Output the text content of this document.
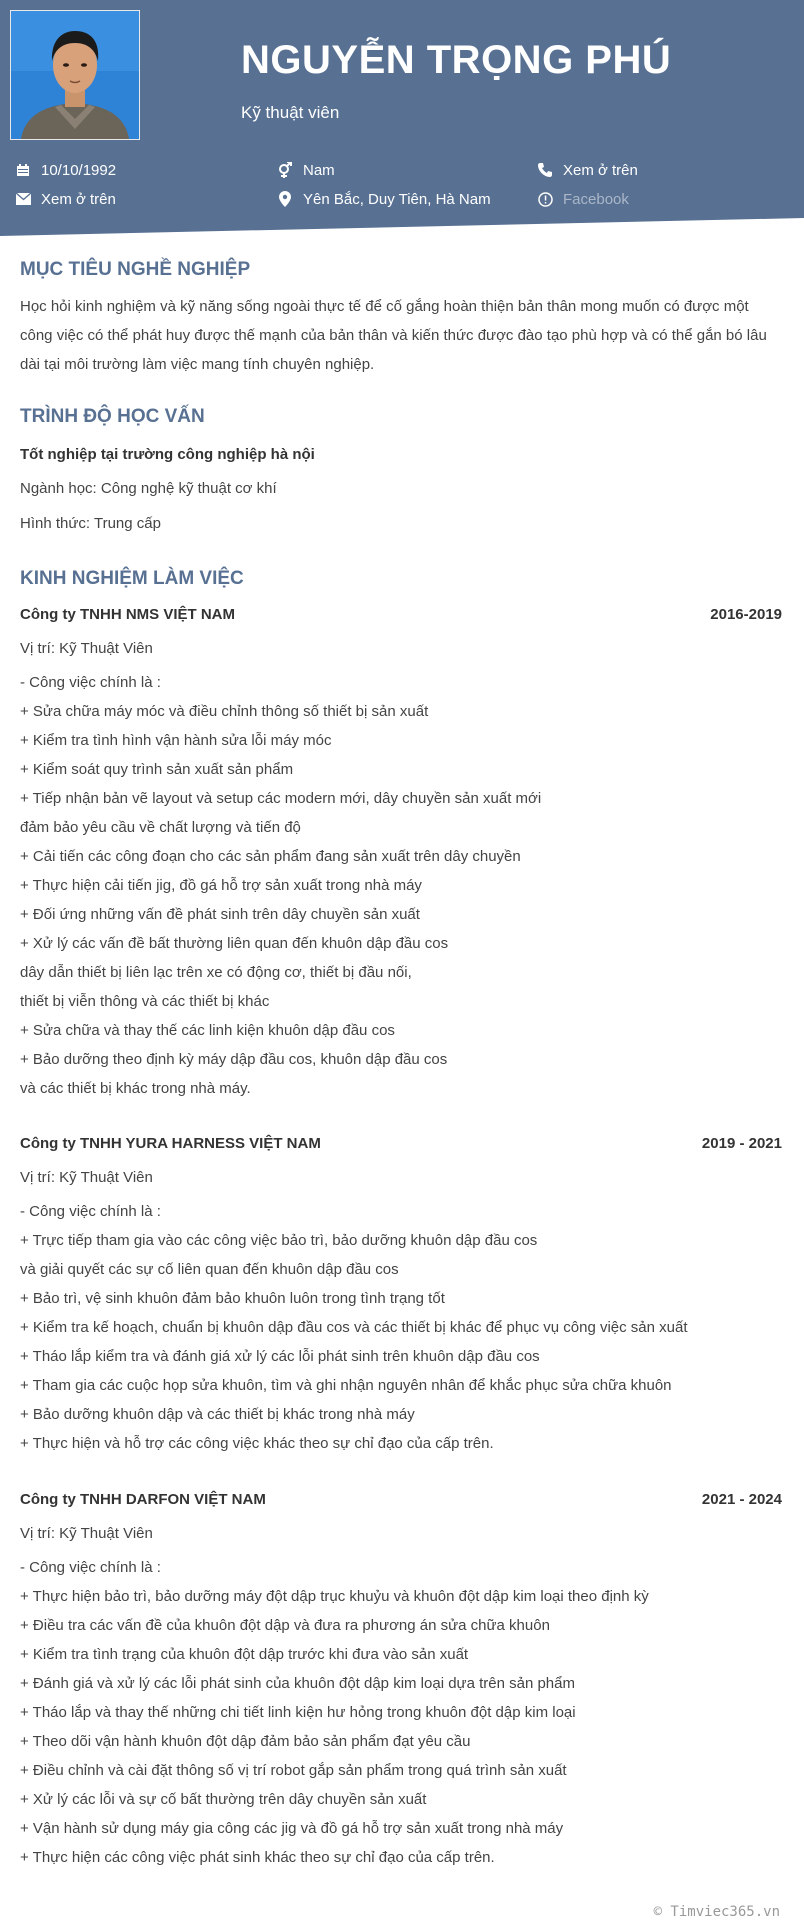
NGUYỄN TRỌNG PHÚ
Kỹ thuật viên
10/10/1992	Nam	Xem ở trên
Xem ở trên	Yên Bắc, Duy Tiên, Hà Nam	Facebook
MỤC TIÊU NGHỀ NGHIỆP
Học hỏi kinh nghiệm và kỹ năng sống ngoài thực tế để cố gắng hoàn thiện bản thân mong muốn có được một công việc có thể phát huy được thế mạnh của bản thân và kiến thức được đào tạo phù hợp và có thể gắn bó lâu dài tại môi trường làm việc mang tính chuyên nghiệp.
TRÌNH ĐỘ HỌC VẤN
Tốt nghiệp tại trường công nghiệp hà nội
Ngành học: Công nghệ kỹ thuật cơ khí
Hình thức: Trung cấp
KINH NGHIỆM LÀM VIỆC
Công ty TNHH NMS VIỆT NAM	2016-2019
Vị trí: Kỹ Thuật Viên
- Công việc chính là :
+ Sửa chữa máy móc và điều chỉnh thông số thiết bị sản xuất
+ Kiểm tra tình hình vận hành sửa lỗi máy móc
+ Kiểm soát quy trình sản xuất sản phẩm
+ Tiếp nhận bản vẽ layout và setup các modern mới, dây chuyền sản xuất mới
đảm bảo yêu cầu về chất lượng và tiến độ
+ Cải tiến các công đoạn cho các sản phẩm đang sản xuất trên dây chuyền
+ Thực hiện cải tiến jig, đồ gá hỗ trợ sản xuất trong nhà máy
+ Đối ứng những vấn đề phát sinh trên dây chuyền sản xuất
+ Xử lý các vấn đề bất thường liên quan đến khuôn dập đầu cos
dây dẫn thiết bị liên lạc trên xe có động cơ, thiết bị đầu nối,
thiết bị viễn thông và các thiết bị khác
+ Sửa chữa và thay thế các linh kiện khuôn dập đầu cos
+ Bảo dưỡng theo định kỳ máy dập đầu cos, khuôn dập đầu cos
và các thiết bị khác trong nhà máy.
Công ty TNHH YURA HARNESS VIỆT NAM	2019 - 2021
Vị trí: Kỹ Thuật Viên
- Công việc chính là :
+ Trực tiếp tham gia vào các công việc bảo trì, bảo dưỡng khuôn dập đầu cos
và giải quyết các sự cố liên quan đến khuôn dập đầu cos
+ Bảo trì, vệ sinh khuôn đảm bảo khuôn luôn trong tình trạng tốt
+ Kiểm tra kế hoạch, chuẩn bị khuôn dập đầu cos và các thiết bị khác để phục vụ công việc sản xuất
+ Tháo lắp kiểm tra và đánh giá xử lý các lỗi phát sinh trên khuôn dập đầu cos
+ Tham gia các cuộc họp sửa khuôn, tìm và ghi nhận nguyên nhân để khắc phục sửa chữa khuôn
+ Bảo dưỡng khuôn dập và các thiết bị khác trong nhà máy
+ Thực hiện và hỗ trợ các công việc khác theo sự chỉ đạo của cấp trên.
Công ty TNHH DARFON VIỆT NAM	2021 - 2024
Vị trí: Kỹ Thuật Viên
- Công việc chính là :
+ Thực hiện bảo trì, bảo dưỡng máy đột dập trục khuỷu và khuôn đột dập kim loại theo định kỳ
+ Điều tra các vấn đề của khuôn đột dập và đưa ra phương án sửa chữa khuôn
+ Kiểm tra tình trạng của khuôn đột dập trước khi đưa vào sản xuất
+ Đánh giá và xử lý các lỗi phát sinh của khuôn đột dập kim loại dựa trên sản phẩm
+ Tháo lắp và thay thế những chi tiết linh kiện hư hỏng trong khuôn đột dập kim loại
+ Theo dõi vận hành khuôn đột dập đảm bảo sản phẩm đạt yêu cầu
+ Điều chỉnh và cài đặt thông số vị trí robot gắp sản phẩm trong quá trình sản xuất
+ Xử lý các lỗi và sự cố bất thường trên dây chuyền sản xuất
+ Vận hành sử dụng máy gia công các jig và đồ gá hỗ trợ sản xuất trong nhà máy
+ Thực hiện các công việc phát sinh khác theo sự chỉ đạo của cấp trên.
© Timviec365.vn
